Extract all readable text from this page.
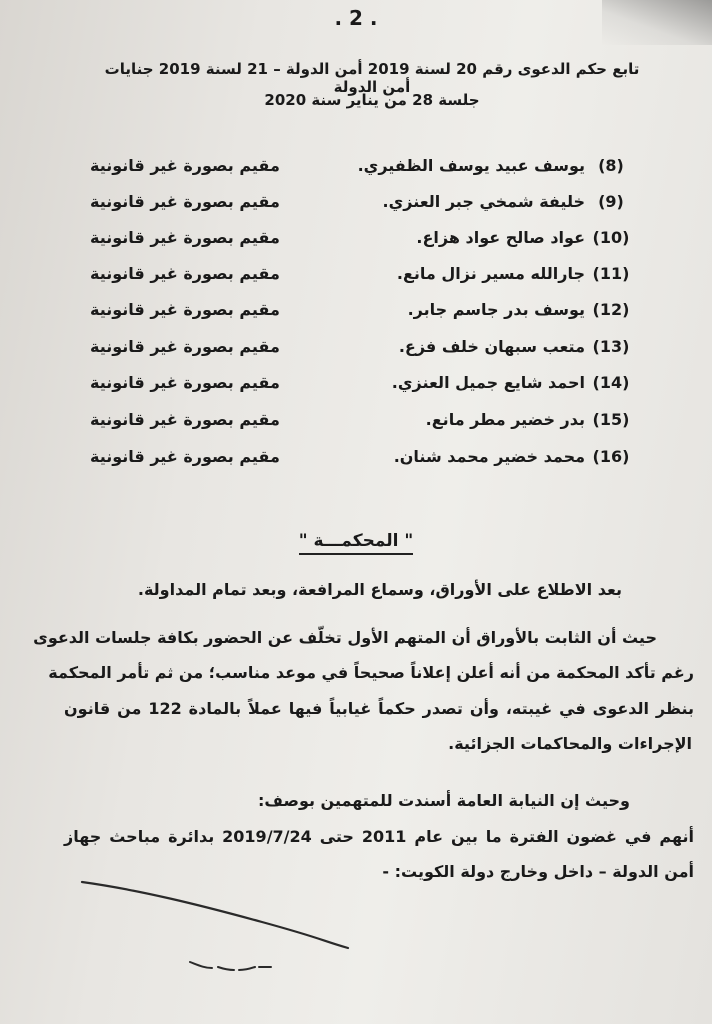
. 2 .
تابع حكم الدعوى رقم 20 لسنة 2019 أمن الدولة – 21 لسنة 2019 جنايات أمن الدولة
جلسة 28 من يناير سنة 2020
(8)
يوسف عبيد يوسف الظفيري.
مقيم بصورة غير قانونية
(9)
خليفة شمخي جبر العنزي.
مقيم بصورة غير قانونية
(10)
عواد صالح عواد هزاع.
مقيم بصورة غير قانونية
(11)
جارالله مسير نزال مانع.
مقيم بصورة غير قانونية
(12)
يوسف بدر جاسم جابر.
مقيم بصورة غير قانونية
(13)
متعب سبهان خلف فزع.
مقيم بصورة غير قانونية
(14)
احمد شايع جميل العنزي.
مقيم بصورة غير قانونية
(15)
بدر خضير مطر مانع.
مقيم بصورة غير قانونية
(16)
محمد خضير محمد شنان.
مقيم بصورة غير قانونية
" المحكمـــة "
بعد الاطلاع على الأوراق، وسماع المرافعة، وبعد تمام المداولة.
حيث أن الثابت بالأوراق أن المتهم الأول تخلّف عن الحضور بكافة جلسات الدعوى
رغم تأكد المحكمة من أنه أعلن إعلاناً صحيحاً في موعد مناسب؛ من ثم تأمر المحكمة
بنظر الدعوى في غيبته، وأن تصدر حكماً غيابياً فيها عملاً بالمادة 122 من قانون
الإجراءات والمحاكمات الجزائية.
وحيث إن النيابة العامة أسندت للمتهمين بوصف:
أنهم في غضون الفترة ما بين عام 2011 حتى 2019/7/24 بدائرة مباحث جهاز
أمن الدولة – داخل وخارج دولة الكويت: -
